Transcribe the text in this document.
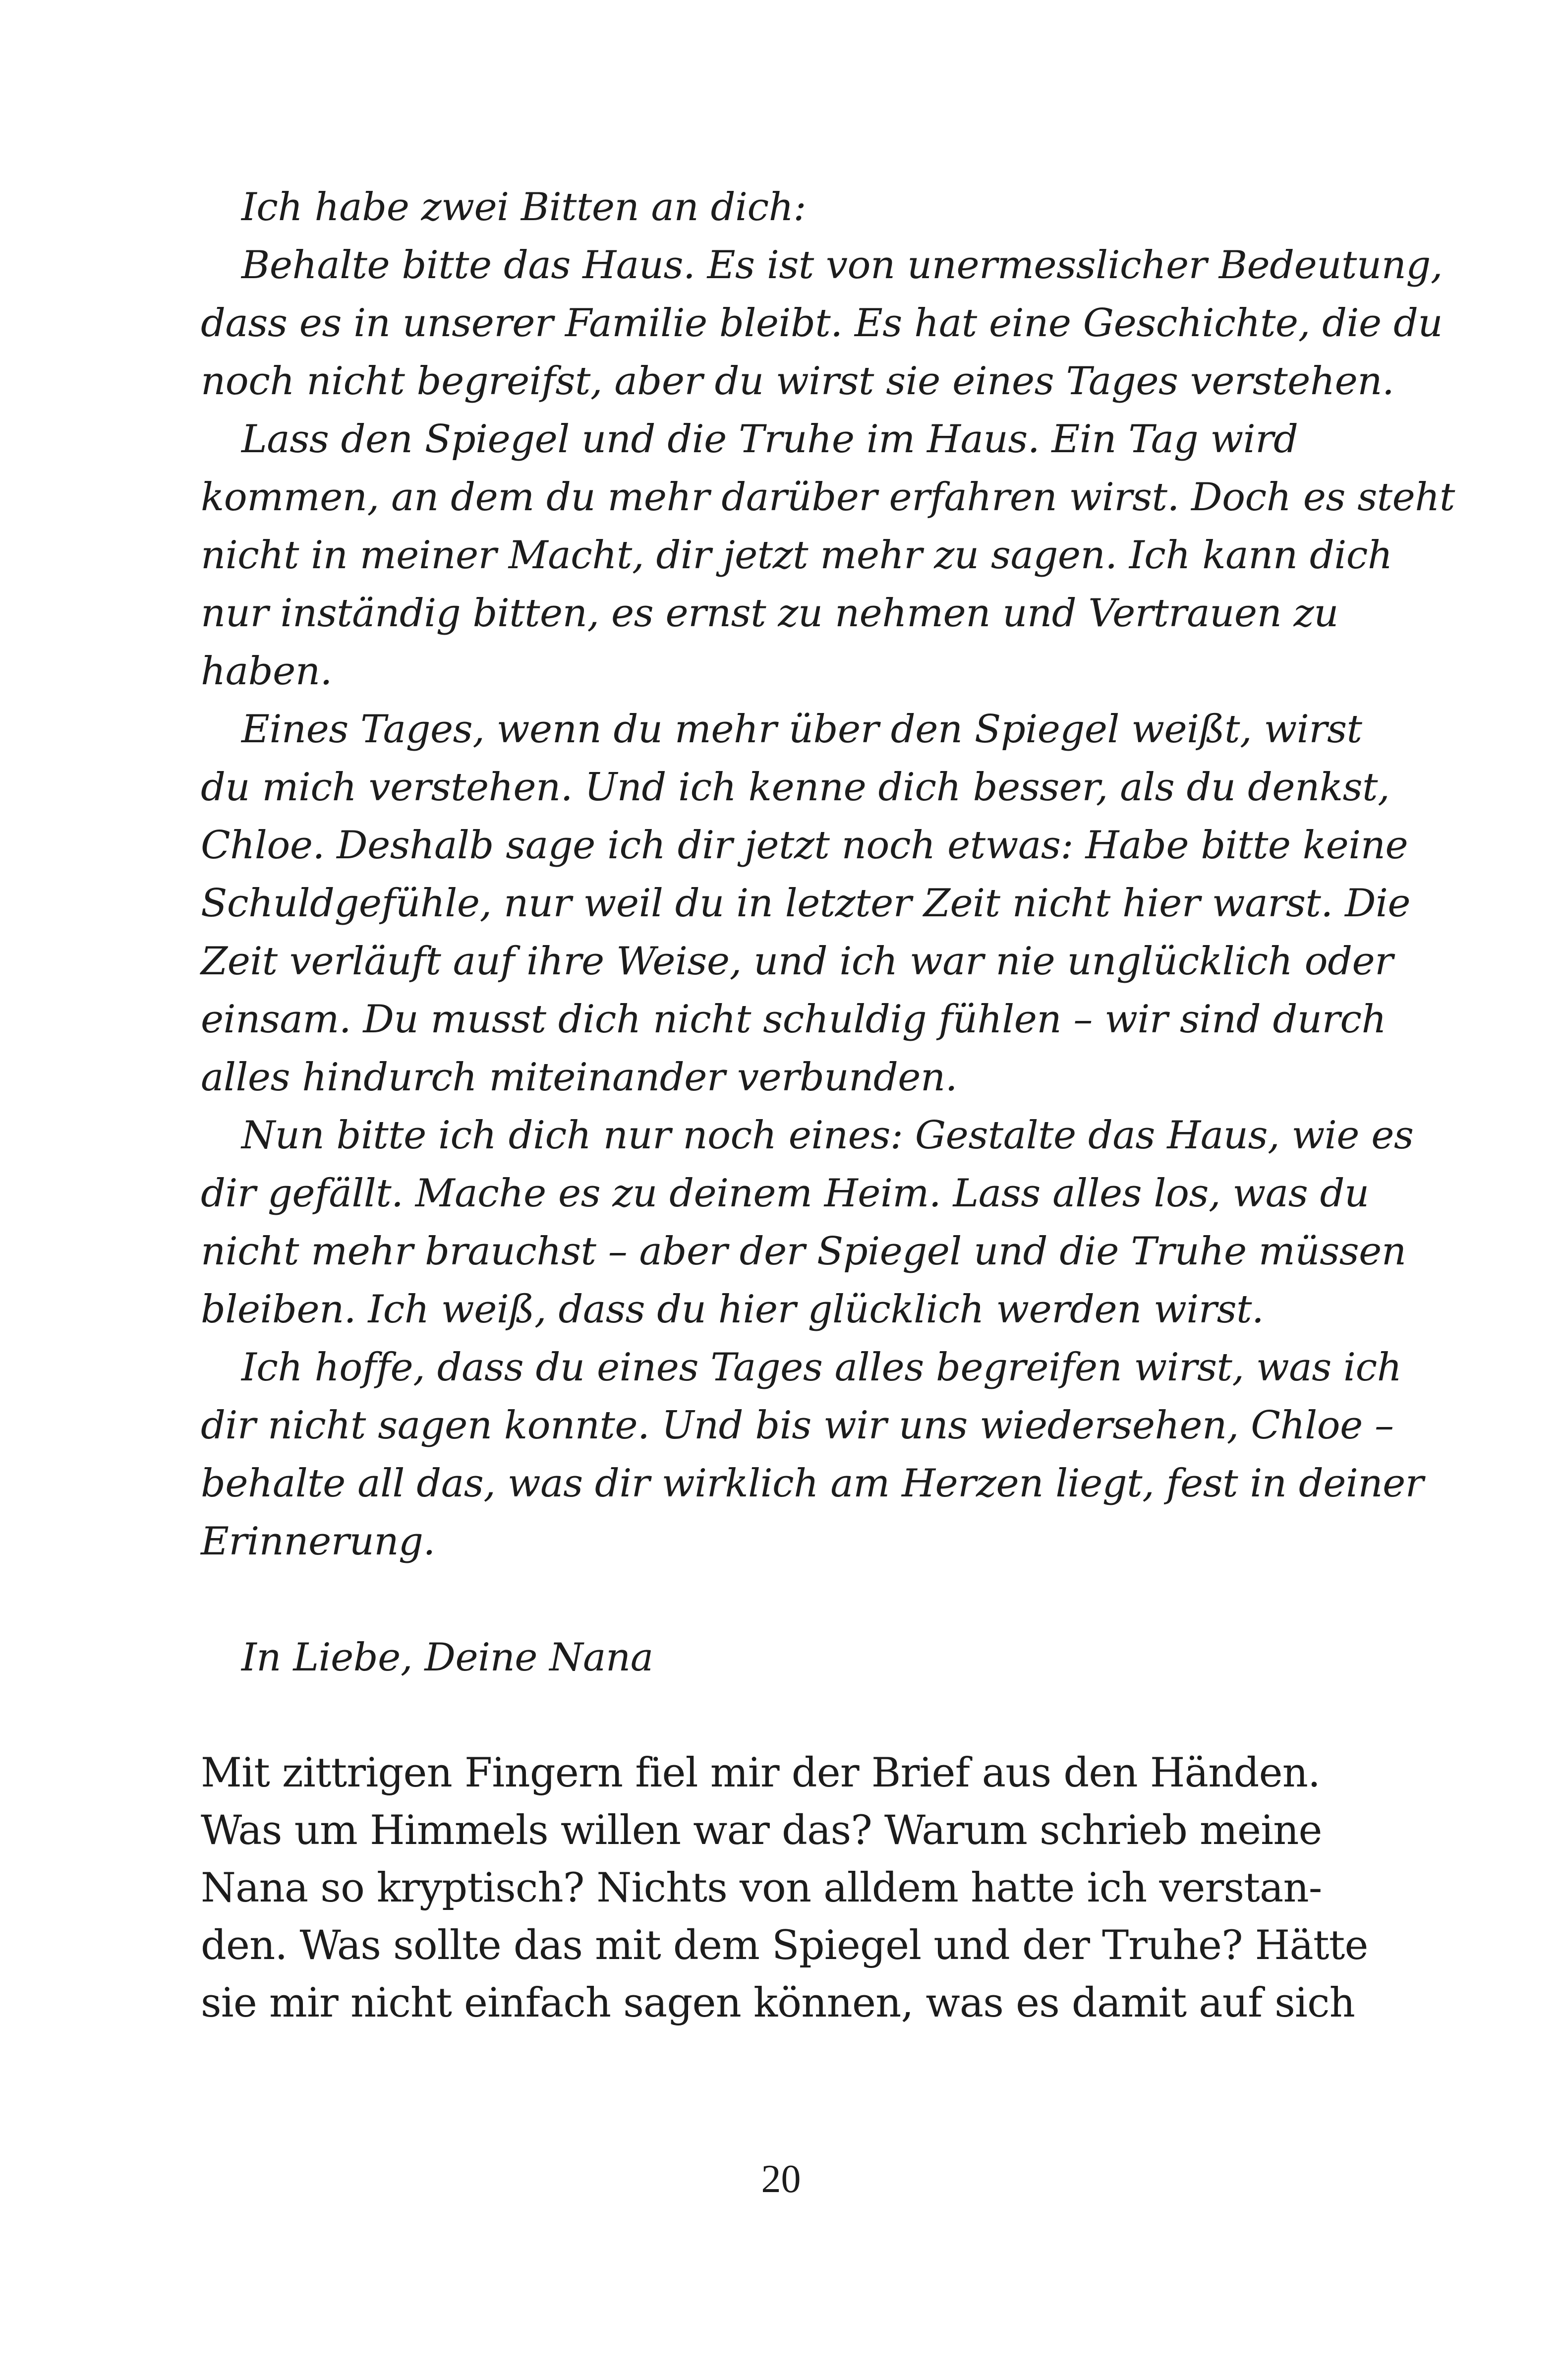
Ich habe zwei Bitten an dich:
Behalte bitte das Haus. Es ist von unermesslicher Bedeutung,
dass es in unserer Familie bleibt. Es hat eine Geschichte, die du
noch nicht begreifst, aber du wirst sie eines Tages verstehen.
Lass den Spiegel und die Truhe im Haus. Ein Tag wird
kommen, an dem du mehr darüber erfahren wirst. Doch es steht
nicht in meiner Macht, dir jetzt mehr zu sagen. Ich kann dich
nur inständig bitten, es ernst zu nehmen und Vertrauen zu
haben.
Eines Tages, wenn du mehr über den Spiegel weißt, wirst
du mich verstehen. Und ich kenne dich besser, als du denkst,
Chloe. Deshalb sage ich dir jetzt noch etwas: Habe bitte keine
Schuldgefühle, nur weil du in letzter Zeit nicht hier warst. Die
Zeit verläuft auf ihre Weise, und ich war nie unglücklich oder
einsam. Du musst dich nicht schuldig fühlen – wir sind durch
alles hindurch miteinander verbunden.
Nun bitte ich dich nur noch eines: Gestalte das Haus, wie es
dir gefällt. Mache es zu deinem Heim. Lass alles los, was du
nicht mehr brauchst – aber der Spiegel und die Truhe müssen
bleiben. Ich weiß, dass du hier glücklich werden wirst.
Ich hoffe, dass du eines Tages alles begreifen wirst, was ich
dir nicht sagen konnte. Und bis wir uns wiedersehen, Chloe –
behalte all das, was dir wirklich am Herzen liegt, fest in deiner
Erinnerung.
In Liebe, Deine Nana
Mit zittrigen Fingern fiel mir der Brief aus den Händen.
Was um Himmels willen war das? Warum schrieb meine
Nana so kryptisch? Nichts von alldem hatte ich verstan-
den. Was sollte das mit dem Spiegel und der Truhe? Hätte
sie mir nicht einfach sagen können, was es damit auf sich
20
